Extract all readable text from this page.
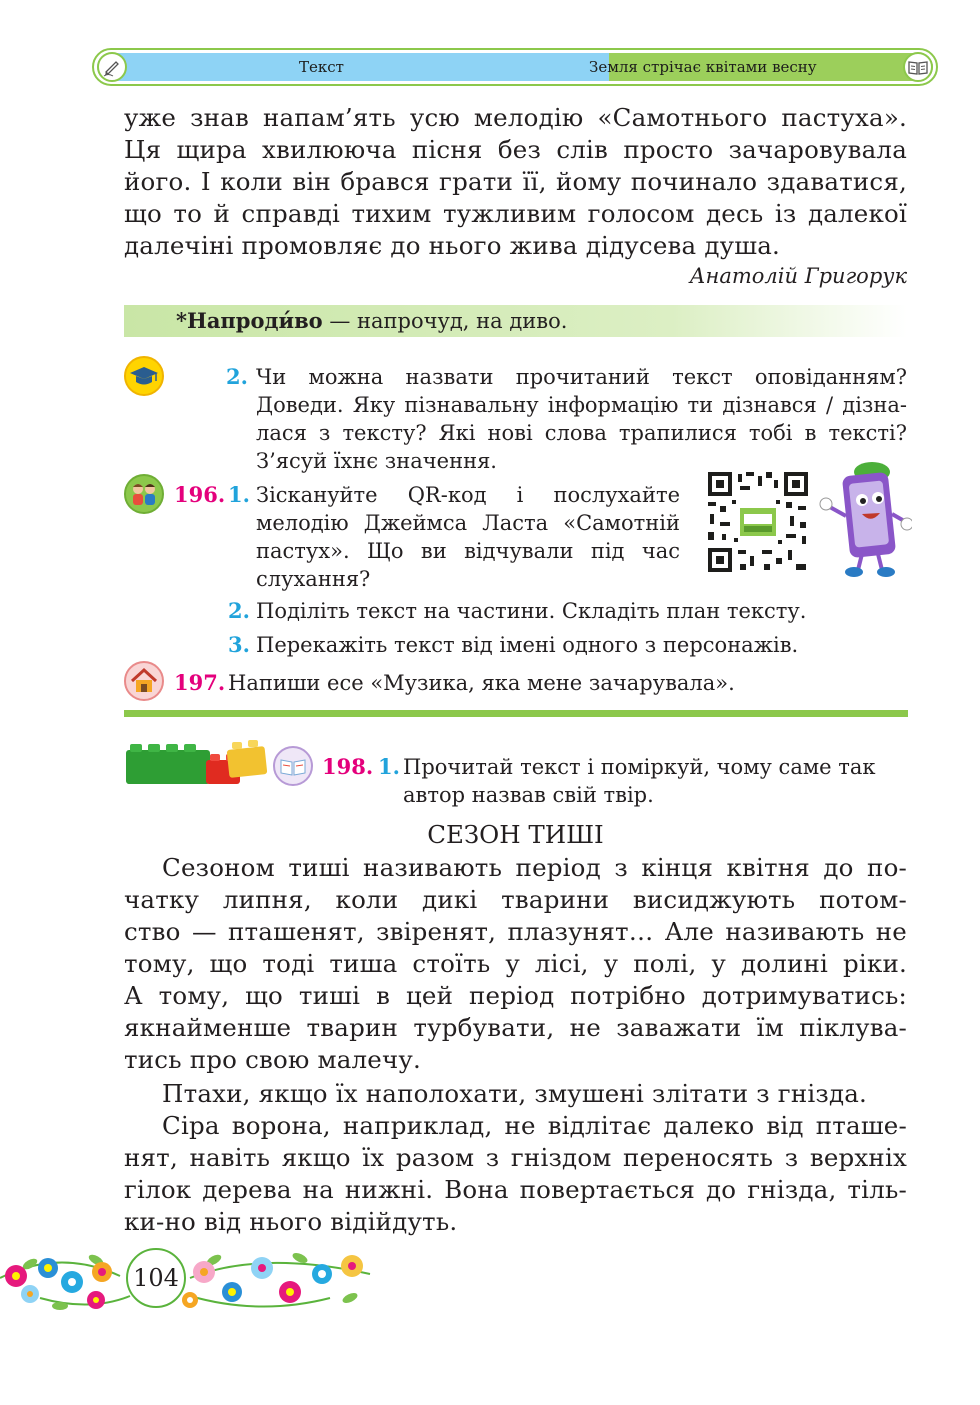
Текст	Земля стрічає квітами весну
уже знав напам’ять усю мелодію «Самотнього пастуха».
Ця щира хвилююча пісня без слів просто зачаровувала
його. І коли він брався грати її, йому починало здаватися,
що то й справді тихим тужливим голосом десь із далекої
далечіні промовляє до нього жива дідусева душа.
Анатолій Григорук
*Напроди́во — напрочуд, на диво.
2. Чи можна назвати прочитаний текст оповіданням?
Доведи. Яку пізнавальну інформацію ти дізнався / дізна-
лася з тексту? Які нові слова трапилися тобі в тексті?
З’ясуй їхнє значення.
196. 1. Зіскануйте QR-код і послухайте
мелодію Джеймса Ласта «Самотній
пастух». Що ви відчували під час
слухання?
2. Поділіть текст на частини. Складіть план тексту.
3. Перекажіть текст від імені одного з персонажів.
197. Напиши есе «Музика, яка мене зачарувала».
198. 1. Прочитай текст і поміркуй, чому саме так
автор назвав свій твір.
СЕЗОН ТИШІ
Сезоном тиші називають період з кінця квітня до по-
чатку липня, коли дикі тварини висиджують потом-
ство — пташенят, звіренят, плазунят… Але називають не
тому, що тоді тиша стоїть у лісі, у полі, у долині ріки.
А тому, що тиші в цей період потрібно дотримуватись:
якнайменше тварин турбувати, не заважати їм піклува-
тись про свою малечу.
Птахи, якщо їх наполохати, змушені злітати з гнізда.
Сіра ворона, наприклад, не відлітає далеко від пташе-
нят, навіть якщо їх разом з гніздом переносять з верхніх
гілок дерева на нижні. Вона повертається до гнізда, тіль-
ки-но від нього відійдуть.
104
